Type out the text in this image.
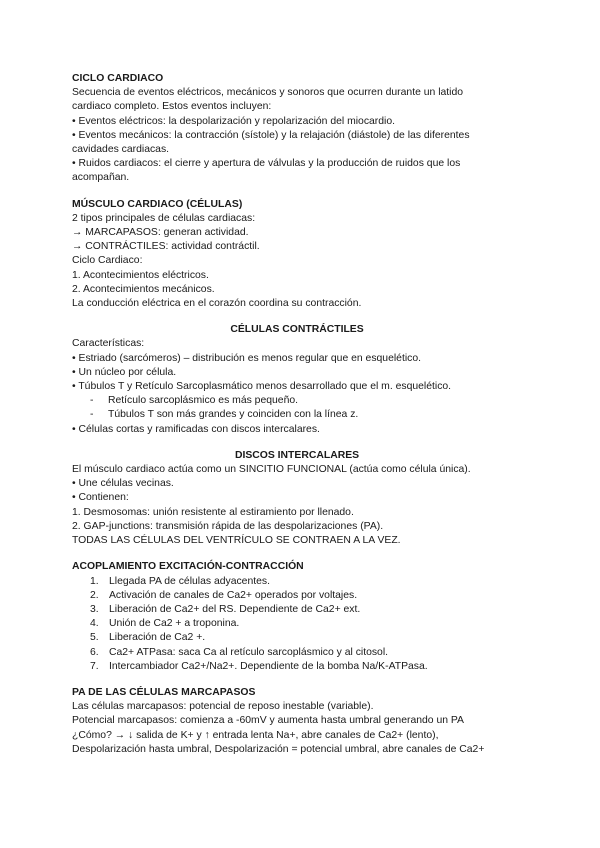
CICLO CARDIACO
Secuencia de eventos eléctricos, mecánicos y sonoros que ocurren durante un latido
cardiaco completo. Estos eventos incluyen:
• Eventos eléctricos: la despolarización y repolarización del miocardio.
• Eventos mecánicos: la contracción (sístole) y la relajación (diástole) de las diferentes
cavidades cardiacas.
• Ruidos cardiacos: el cierre y apertura de válvulas y la producción de ruidos que los
acompañan.
MÚSCULO CARDIACO (CÉLULAS)
2 tipos principales de células cardiacas:
→ MARCAPASOS: generan actividad.
→ CONTRÁCTILES: actividad contráctil.
Ciclo Cardiaco:
1. Acontecimientos eléctricos.
2. Acontecimientos mecánicos.
La conducción eléctrica en el corazón coordina su contracción.
CÉLULAS CONTRÁCTILES
Características:
• Estriado (sarcómeros) – distribución es menos regular que en esquelético.
• Un núcleo por célula.
• Túbulos T y Retículo Sarcoplasmático menos desarrollado que el m. esquelético.
- Retículo sarcoplásmico es más pequeño.
- Túbulos T son más grandes y coinciden con la línea z.
• Células cortas y ramificadas con discos intercalares.
DISCOS INTERCALARES
El músculo cardiaco actúa como un SINCITIO FUNCIONAL (actúa como célula única).
• Une células vecinas.
• Contienen:
1. Desmosomas: unión resistente al estiramiento por llenado.
2. GAP-junctions: transmisión rápida de las despolarizaciones (PA).
TODAS LAS CÉLULAS DEL VENTRÍCULO SE CONTRAEN A LA VEZ.
ACOPLAMIENTO EXCITACIÓN-CONTRACCIÓN
1. Llegada PA de células adyacentes.
2. Activación de canales de Ca2+ operados por voltajes.
3. Liberación de Ca2+ del RS. Dependiente de Ca2+ ext.
4. Unión de Ca2 + a troponina.
5. Liberación de Ca2 +.
6. Ca2+ ATPasa: saca Ca al retículo sarcoplásmico y al citosol.
7. Intercambiador Ca2+/Na2+. Dependiente de la bomba Na/K-ATPasa.
PA DE LAS CÉLULAS MARCAPASOS
Las células marcapasos: potencial de reposo inestable (variable).
Potencial marcapasos: comienza a -60mV y aumenta hasta umbral generando un PA
¿Cómo? → ↓ salida de K+ y ↑ entrada lenta Na+, abre canales de Ca2+ (lento),
Despolarización hasta umbral, Despolarización = potencial umbral, abre canales de Ca2+
